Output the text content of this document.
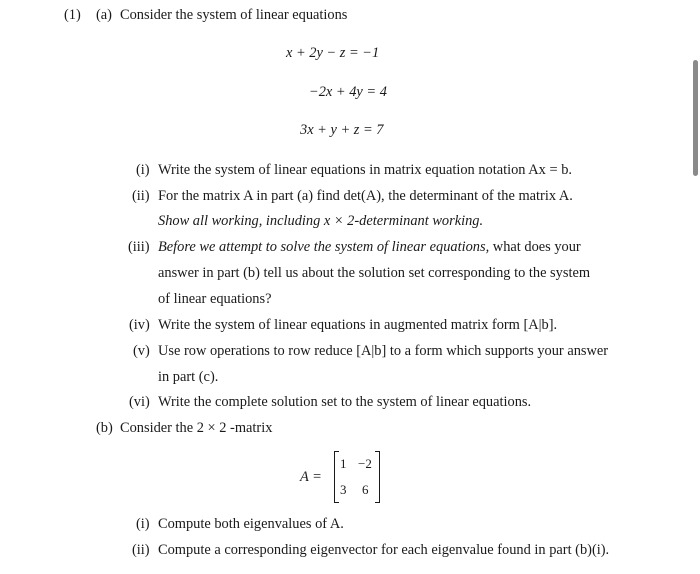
(1) (a) Consider the system of linear equations
x + 2y − z = −1
−2x + 4y = 4
3x + y + z = 7
(i) Write the system of linear equations in matrix equation notation Ax = b.
(ii) For the matrix A in part (a) find det(A), the determinant of the matrix A.
Show all working, including x × 2-determinant working.
(iii) Before we attempt to solve the system of linear equations, what does your
answer in part (b) tell us about the solution set corresponding to the system
of linear equations?
(iv) Write the system of linear equations in augmented matrix form [A|b].
(v) Use row operations to row reduce [A|b] to a form which supports your answer
in part (c).
(vi) Write the complete solution set to the system of linear equations.
(b) Consider the 2 × 2 -matrix
A =
1 −2
3 6
(i) Compute both eigenvalues of A.
(ii) Compute a corresponding eigenvector for each eigenvalue found in part (b)(i).
